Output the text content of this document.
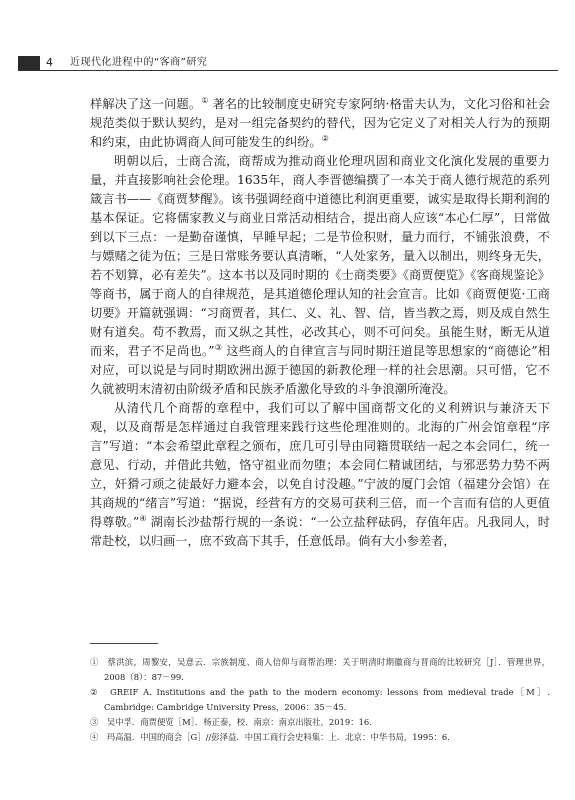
4 近现代化进程中的“客商”研究

样解决了这一问题。① 著名的比较制度史研究专家阿纳·格雷夫认为，文化习俗和社会规范类似于默认契约，是对一组完备契约的替代，因为它定义了对相关人行为的预期和约束，由此协调商人间可能发生的纠纷。②

明朝以后，士商合流，商帮成为推动商业伦理巩固和商业文化演化发展的重要力量，并直接影响社会伦理。1635年，商人李晋德编撰了一本关于商人德行规范的系列箴言书——《商贾梦醒》。该书强调经商中道德比利润更重要，诚实是取得长期利润的基本保证。它将儒家教义与商业日常活动相结合，提出商人应该“本心仁厚”，日常做到以下三点：一是勤奋谨慎，早睡早起；二是节俭积财，量力而行，不铺张浪费，不与嫖赌之徒为伍；三是日常账务要认真清晰，“人处家务，量入以制出，则终身无失，若不划算，必有差失”。这本书以及同时期的《士商类要》《商贾便览》《客商规鉴论》等商书，属于商人的自律规范，是其道德伦理认知的社会宣言。比如《商贾便览·工商切要》开篇就强调：“习商贾者，其仁、义、礼、智、信，皆当教之焉，则及成自然生财有道矣。苟不教焉，而又纵之其性，必改其心，则不可问矣。虽能生财，断无从道而来，君子不足尚也。”③ 这些商人的自律宣言与同时期汪道昆等思想家的“商德论”相对应，可以说是与同时期欧洲出源于德国的新教伦理一样的社会思潮。只可惜，它不久就被明末清初由阶级矛盾和民族矛盾激化导致的斗争浪潮所淹没。

从清代几个商帮的章程中，我们可以了解中国商帮文化的义利辨识与兼济天下观，以及商帮是怎样通过自我管理来践行这些伦理准则的。北海的广州会馆章程“序言”写道：“本会希望此章程之颁布，庶几可引导由同籍贯联结一起之本会同仁，统一意见、行动，并借此共勉，恪守祖业而勿堕；本会同仁精诚团结，与邪恶势力势不两立，奸猾刁顽之徒最好力避本会，以免自讨没趣。”宁波的厦门会馆（福建分会馆）在其商规的“绪言”写道：“据说，经营有方的交易可获利三倍，而一个言而有信的人更值得尊敬。”④ 湖南长沙盐帮行规的一条说：“一公立盐秤砝码，存值年店。凡我同人，时常赴校，以归画一，庶不致高下其手，任意低昂。倘有大小参差者，

①　蔡洪滨，周黎安，吴意云．宗族制度、商人信仰与商帮治理：关于明清时期徽商与晋商的比较研究［J］．管理世界，2008（8）：87－99．

②　GREIF A. Institutions and the path to the modern economy: lessons from medieval trade［M］. Cambridge: Cambridge University Press，2006：35－45．

③　吴中孚．商贾便览［M］．杨正泰，校．南京：南京出版社，2019：16．

④　玛高温．中国的商会［G］//彭泽益．中国工商行会史料集：上．北京：中华书局，1995：6．
